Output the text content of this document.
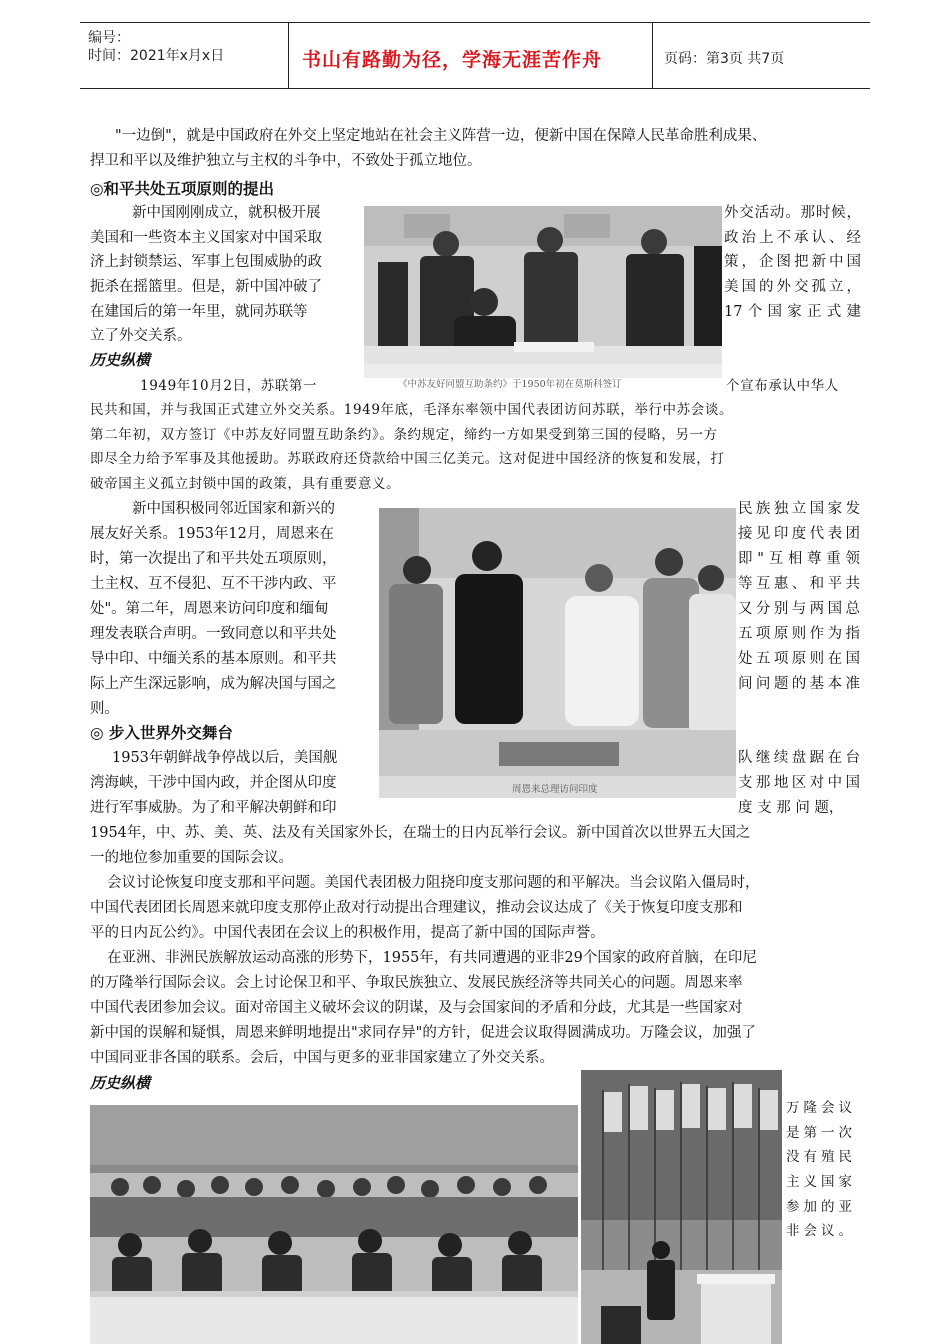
编号：
时间：2021年x月x日	书山有路勤为径，学海无涯苦作舟	页码：第3页 共7页
"一边倒"，就是中国政府在外交上坚定地站在社会主义阵营一边，便新中国在保障人民革命胜利成果、
捍卫和平以及维护独立与主权的斗争中，不致处于孤立地位。
◎和平共处五项原则的提出
新中国刚刚成立，就积极开展
美国和一些资本主义国家对中国采取
济上封锁禁运、军事上包围威胁的政
扼杀在摇篮里。但是，新中国冲破了
在建国后的第一年里，就同苏联等
立了外交关系。
外交活动。那时候，
政治上不承认、经
策，企图把新中国
美国的外交孤立，
17个国家正式建
《中苏友好同盟互助条约》于1950年初在莫斯科签订
历史纵横
1949年10月2日，苏联第一	个宣布承认中华人
民共和国，并与我国正式建立外交关系。1949年底，毛泽东率领中国代表团访问苏联，举行中苏会谈。
第二年初，双方签订《中苏友好同盟互助条约》。条约规定，缔约一方如果受到第三国的侵略，另一方
即尽全力给予军事及其他援助。苏联政府还贷款给中国三亿美元。这对促进中国经济的恢复和发展，打
破帝国主义孤立封锁中国的政策，具有重要意义。
新中国积极同邻近国家和新兴的
展友好关系。1953年12月，周恩来在
时，第一次提出了和平共处五项原则，
土主权、互不侵犯、互不干涉内政、平
处"。第二年，周恩来访问印度和缅甸
理发表联合声明。一致同意以和平共处
导中印、中缅关系的基本原则。和平共
际上产生深远影响，成为解决国与国之
则。
民族独立国家发
接见印度代表团
即"互相尊重领
等互惠、和平共
又分别与两国总
五项原则作为指
处五项原则在国
间问题的基本准
周恩来总理访问印度
◎ 步入世界外交舞台
1953年朝鲜战争停战以后，美国舰
湾海峡，干涉中国内政，并企图从印度
进行军事威胁。为了和平解决朝鲜和印
队继续盘踞在台
支那地区对中国
度 支 那 问 题，
1954年，中、苏、美、英、法及有关国家外长，在瑞士的日内瓦举行会议。新中国首次以世界五大国之
一的地位参加重要的国际会议。
会议讨论恢复印度支那和平问题。美国代表团极力阻挠印度支那问题的和平解决。当会议陷入僵局时，
中国代表团团长周恩来就印度支那停止敌对行动提出合理建议，推动会议达成了《关于恢复印度支那和
平的日内瓦公约》。中国代表团在会议上的积极作用，提高了新中国的国际声誉。
在亚洲、非洲民族解放运动高涨的形势下，1955年，有共同遭遇的亚非29个国家的政府首脑，在印尼
的万隆举行国际会议。会上讨论保卫和平、争取民族独立、发展民族经济等共同关心的问题。周恩来率
中国代表团参加会议。面对帝国主义破坏会议的阴谋，及与会国家间的矛盾和分歧，尤其是一些国家对
新中国的误解和疑惧，周恩来鲜明地提出"求同存异"的方针，促进会议取得圆满成功。万隆会议，加强了
中国同亚非各国的联系。会后，中国与更多的亚非国家建立了外交关系。
历史纵横
万隆会议
是第一次
没有殖民
主义国家
参加的亚
非会议。
